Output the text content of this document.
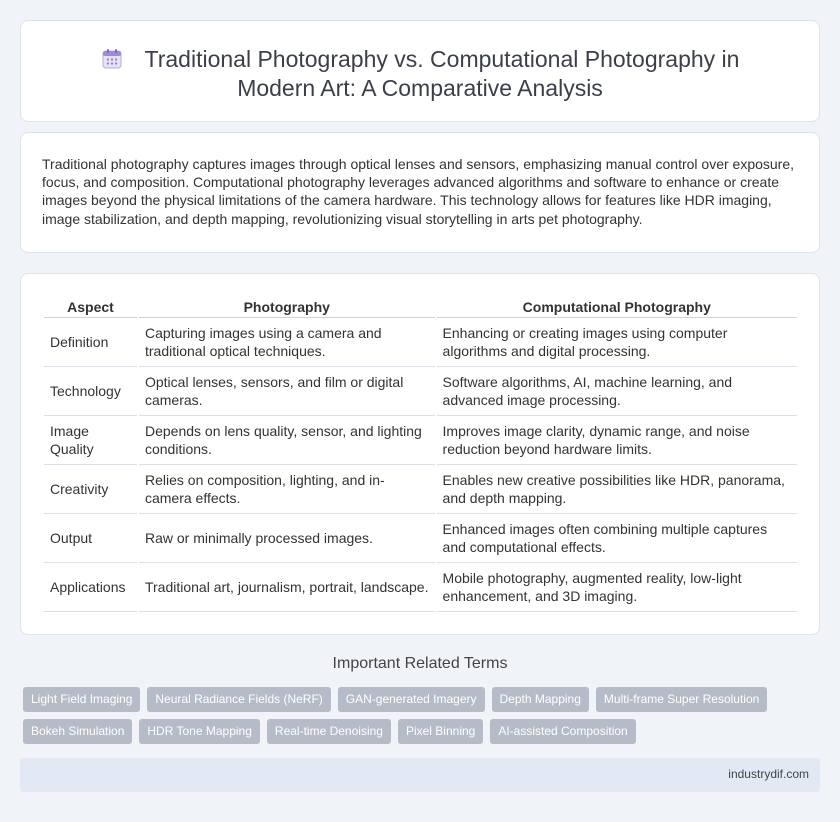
Traditional Photography vs. Computational Photography in
Modern Art: A Comparative Analysis

Traditional photography captures images through optical lenses and sensors, emphasizing manual control over exposure, focus, and composition. Computational photography leverages advanced algorithms and software to enhance or create images beyond the physical limitations of the camera hardware. This technology allows for features like HDR imaging, image stabilization, and depth mapping, revolutionizing visual storytelling in arts pet photography.

Aspect	Photography	Computational Photography
Definition	Capturing images using a camera and traditional optical techniques.	Enhancing or creating images using computer algorithms and digital processing.
Technology	Optical lenses, sensors, and film or digital cameras.	Software algorithms, AI, machine learning, and advanced image processing.
Image Quality	Depends on lens quality, sensor, and lighting conditions.	Improves image clarity, dynamic range, and noise reduction beyond hardware limits.
Creativity	Relies on composition, lighting, and in-camera effects.	Enables new creative possibilities like HDR, panorama, and depth mapping.
Output	Raw or minimally processed images.	Enhanced images often combining multiple captures and computational effects.
Applications	Traditional art, journalism, portrait, landscape.	Mobile photography, augmented reality, low-light enhancement, and 3D imaging.
Important Related Terms
Light Field Imaging	Neural Radiance Fields (NeRF)	GAN-generated Imagery	Depth Mapping	Multi-frame Super Resolution
Bokeh Simulation	HDR Tone Mapping	Real-time Denoising	Pixel Binning	AI-assisted Composition
industrydif.com
